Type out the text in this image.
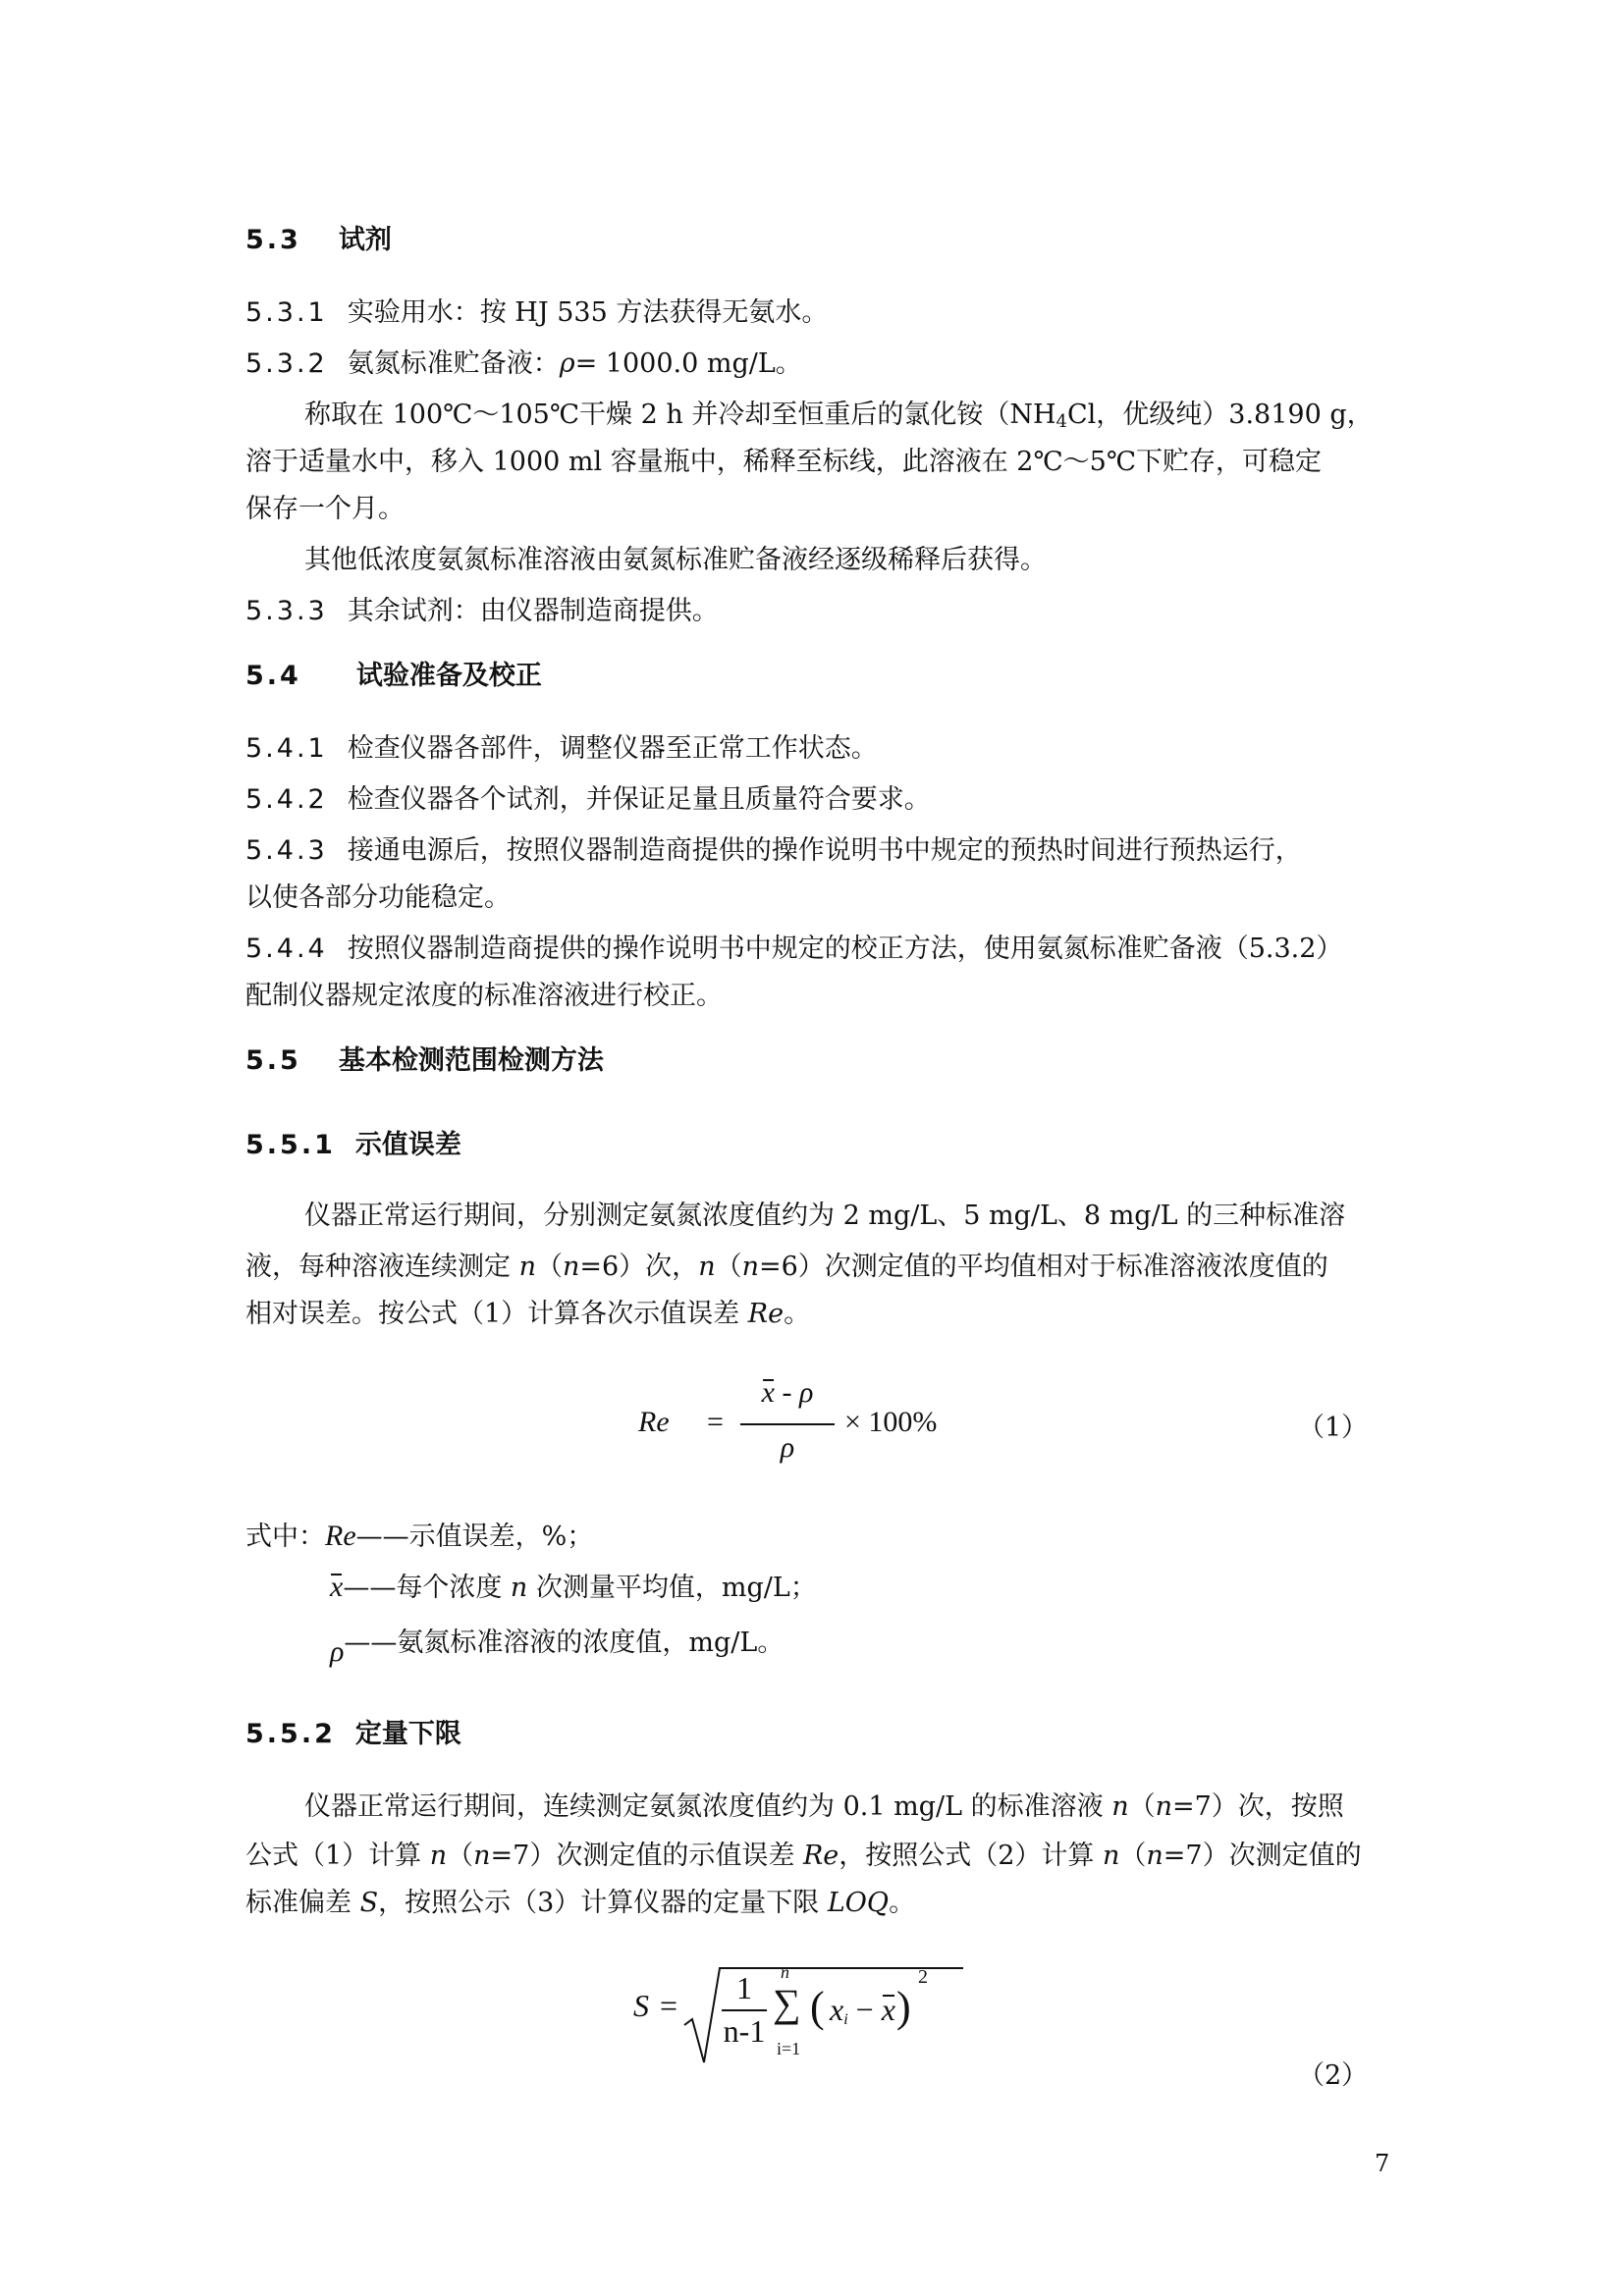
5.3 试剂
5.3.1 实验用水：按 HJ 535 方法获得无氨水。
5.3.2 氨氮标准贮备液：ρ= 1000.0 mg/L。
称取在 100℃～105℃干燥 2 h 并冷却至恒重后的氯化铵（$NH_4Cl$，优级纯）3.8190 g，
溶于适量水中，移入 1000 ml 容量瓶中，稀释至标线，此溶液在 2℃～5℃下贮存，可稳定
保存一个月。
其他低浓度氨氮标准溶液由氨氮标准贮备液经逐级稀释后获得。
5.3.3 其余试剂：由仪器制造商提供。
5.4 试验准备及校正
5.4.1 检查仪器各部件，调整仪器至正常工作状态。
5.4.2 检查仪器各个试剂，并保证足量且质量符合要求。
5.4.3 接通电源后，按照仪器制造商提供的操作说明书中规定的预热时间进行预热运行，
以使各部分功能稳定。
5.4.4 按照仪器制造商提供的操作说明书中规定的校正方法，使用氨氮标准贮备液（5.3.2）
配制仪器规定浓度的标准溶液进行校正。
5.5 基本检测范围检测方法
5.5.1 示值误差
仪器正常运行期间，分别测定氨氮浓度值约为 2 mg/L、5 mg/L、8 mg/L 的三种标准溶
液，每种溶液连续测定 n（n=6）次，n（n=6）次测定值的平均值相对于标准溶液浓度值的
相对误差。按公式（1）计算各次示值误差 Re。
Re =
x - ρ
ρ
× 100%	（1）
式中：Re——示值误差，%；
x——每个浓度 n 次测量平均值，mg/L；
ρ——氨氮标准溶液的浓度值，mg/L。
5.5.2 定量下限
仪器正常运行期间，连续测定氨氮浓度值约为 0.1 mg/L 的标准溶液 n（n=7）次，按照
公式（1）计算 n（n=7）次测定值的示值误差 Re，按照公式（2）计算 n（n=7）次测定值的
标准偏差 S，按照公示（3）计算仪器的定量下限 LOQ。
S =	1
n-1
∑
n
i=1
( $x_i - x$ )
2
（2）
7
